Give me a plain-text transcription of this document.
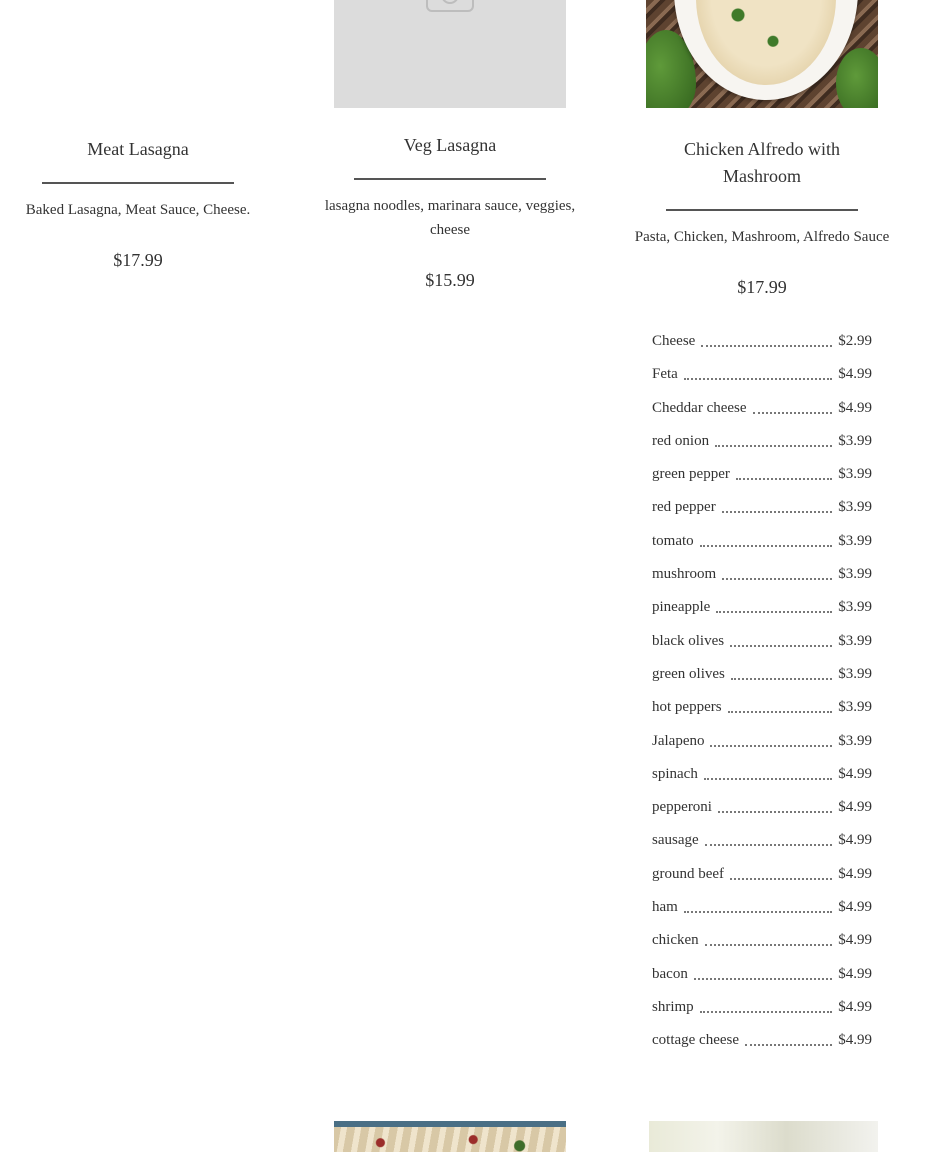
Meat Lasagna
Baked Lasagna, Meat Sauce, Cheese.
$17.99
Veg Lasagna
lasagna noodles, marinara sauce, veggies, cheese
$15.99
Chicken Alfredo with Mashroom
Pasta, Chicken, Mashroom, Alfredo Sauce
$17.99
Cheese	$2.99
Feta	$4.99
Cheddar cheese	$4.99
red onion	$3.99
green pepper	$3.99
red pepper	$3.99
tomato	$3.99
mushroom	$3.99
pineapple	$3.99
black olives	$3.99
green olives	$3.99
hot peppers	$3.99
Jalapeno	$3.99
spinach	$4.99
pepperoni	$4.99
sausage	$4.99
ground beef	$4.99
ham	$4.99
chicken	$4.99
bacon	$4.99
shrimp	$4.99
cottage cheese	$4.99
